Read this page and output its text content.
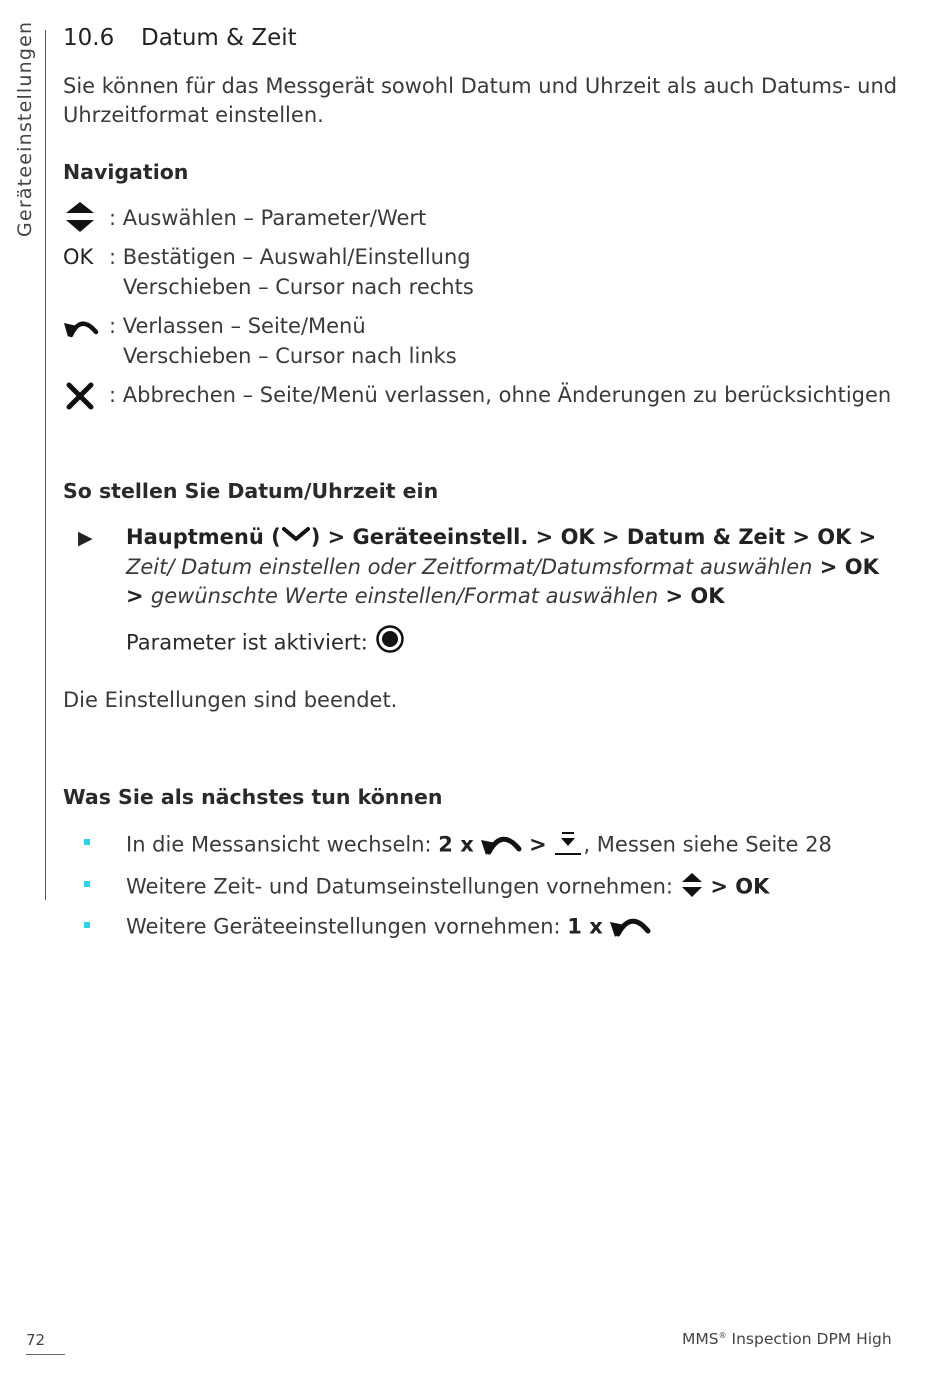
Geräteeinstellungen 10.6 Datum & Zeit
Sie können für das Messgerät sowohl Datum und Uhrzeit als auch Datums- und Uhrzeitformat einstellen.
Navigation
: Auswählen – Parameter/Wert
OK : Bestätigen – Auswahl/Einstellung
Verschieben – Cursor nach rechts
: Verlassen – Seite/Menü
Verschieben – Cursor nach links
: Abbrechen – Seite/Menü verlassen, ohne Änderungen zu berücksichtigen
So stellen Sie Datum/Uhrzeit ein
▶ Hauptmenü ( ) > Geräteeinstell. > OK > Datum & Zeit > OK > Zeit/ Datum einstellen oder Zeitformat/Datumsformat auswählen > OK > gewünschte Werte einstellen/Format auswählen > OK
Parameter ist aktiviert:
Die Einstellungen sind beendet.
Was Sie als nächstes tun können
In die Messansicht wechseln: 2 x	> , Messen siehe Seite 28
Weitere Zeit- und Datumseinstellungen vornehmen:  > OK
Weitere Geräteeinstellungen vornehmen: 1 x
72	MMS® Inspection DPM High
